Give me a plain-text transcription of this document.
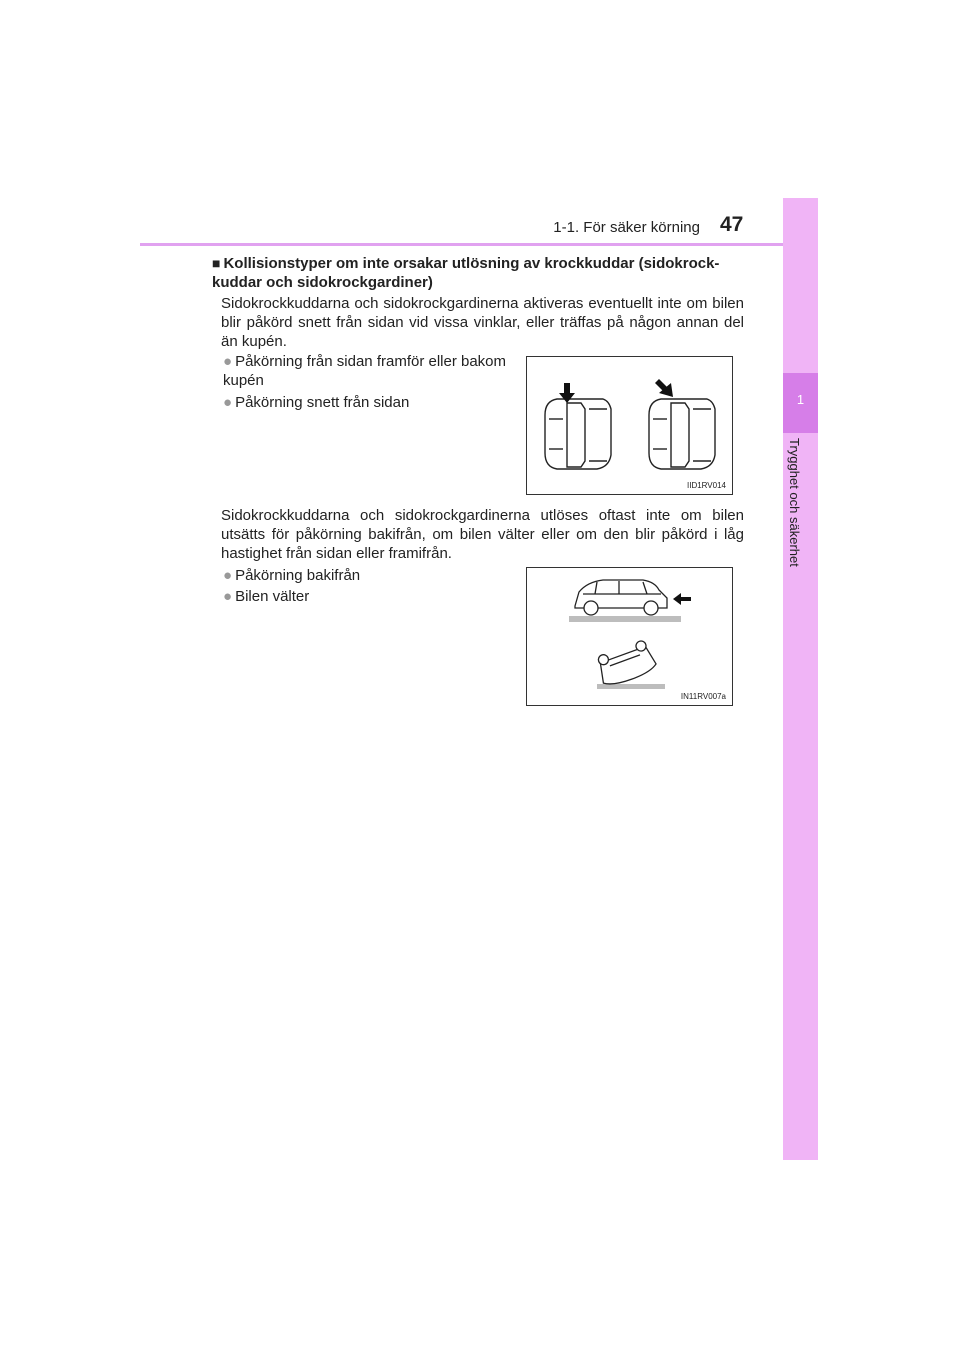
1-1. För säker körning 47
1
Trygghet och säkerhet
■ Kollisionstyper om inte orsakar utlösning av krockkuddar (sidokrock-kuddar och sidokrockgardiner)
Sidokrockkuddarna och sidokrockgardinerna aktiveras eventuellt inte om bilen blir påkörd snett från sidan vid vissa vinklar, eller träffas på någon annan del än kupén.
● Påkörning från sidan framför eller bakom kupén
● Påkörning snett från sidan
IID1RV014
Sidokrockkuddarna och sidokrockgardinerna utlöses oftast inte om bilen utsätts för påkörning bakifrån, om bilen välter eller om den blir påkörd i låg hastighet från sidan eller framifrån.
● Påkörning bakifrån
● Bilen välter
IN11RV007a
